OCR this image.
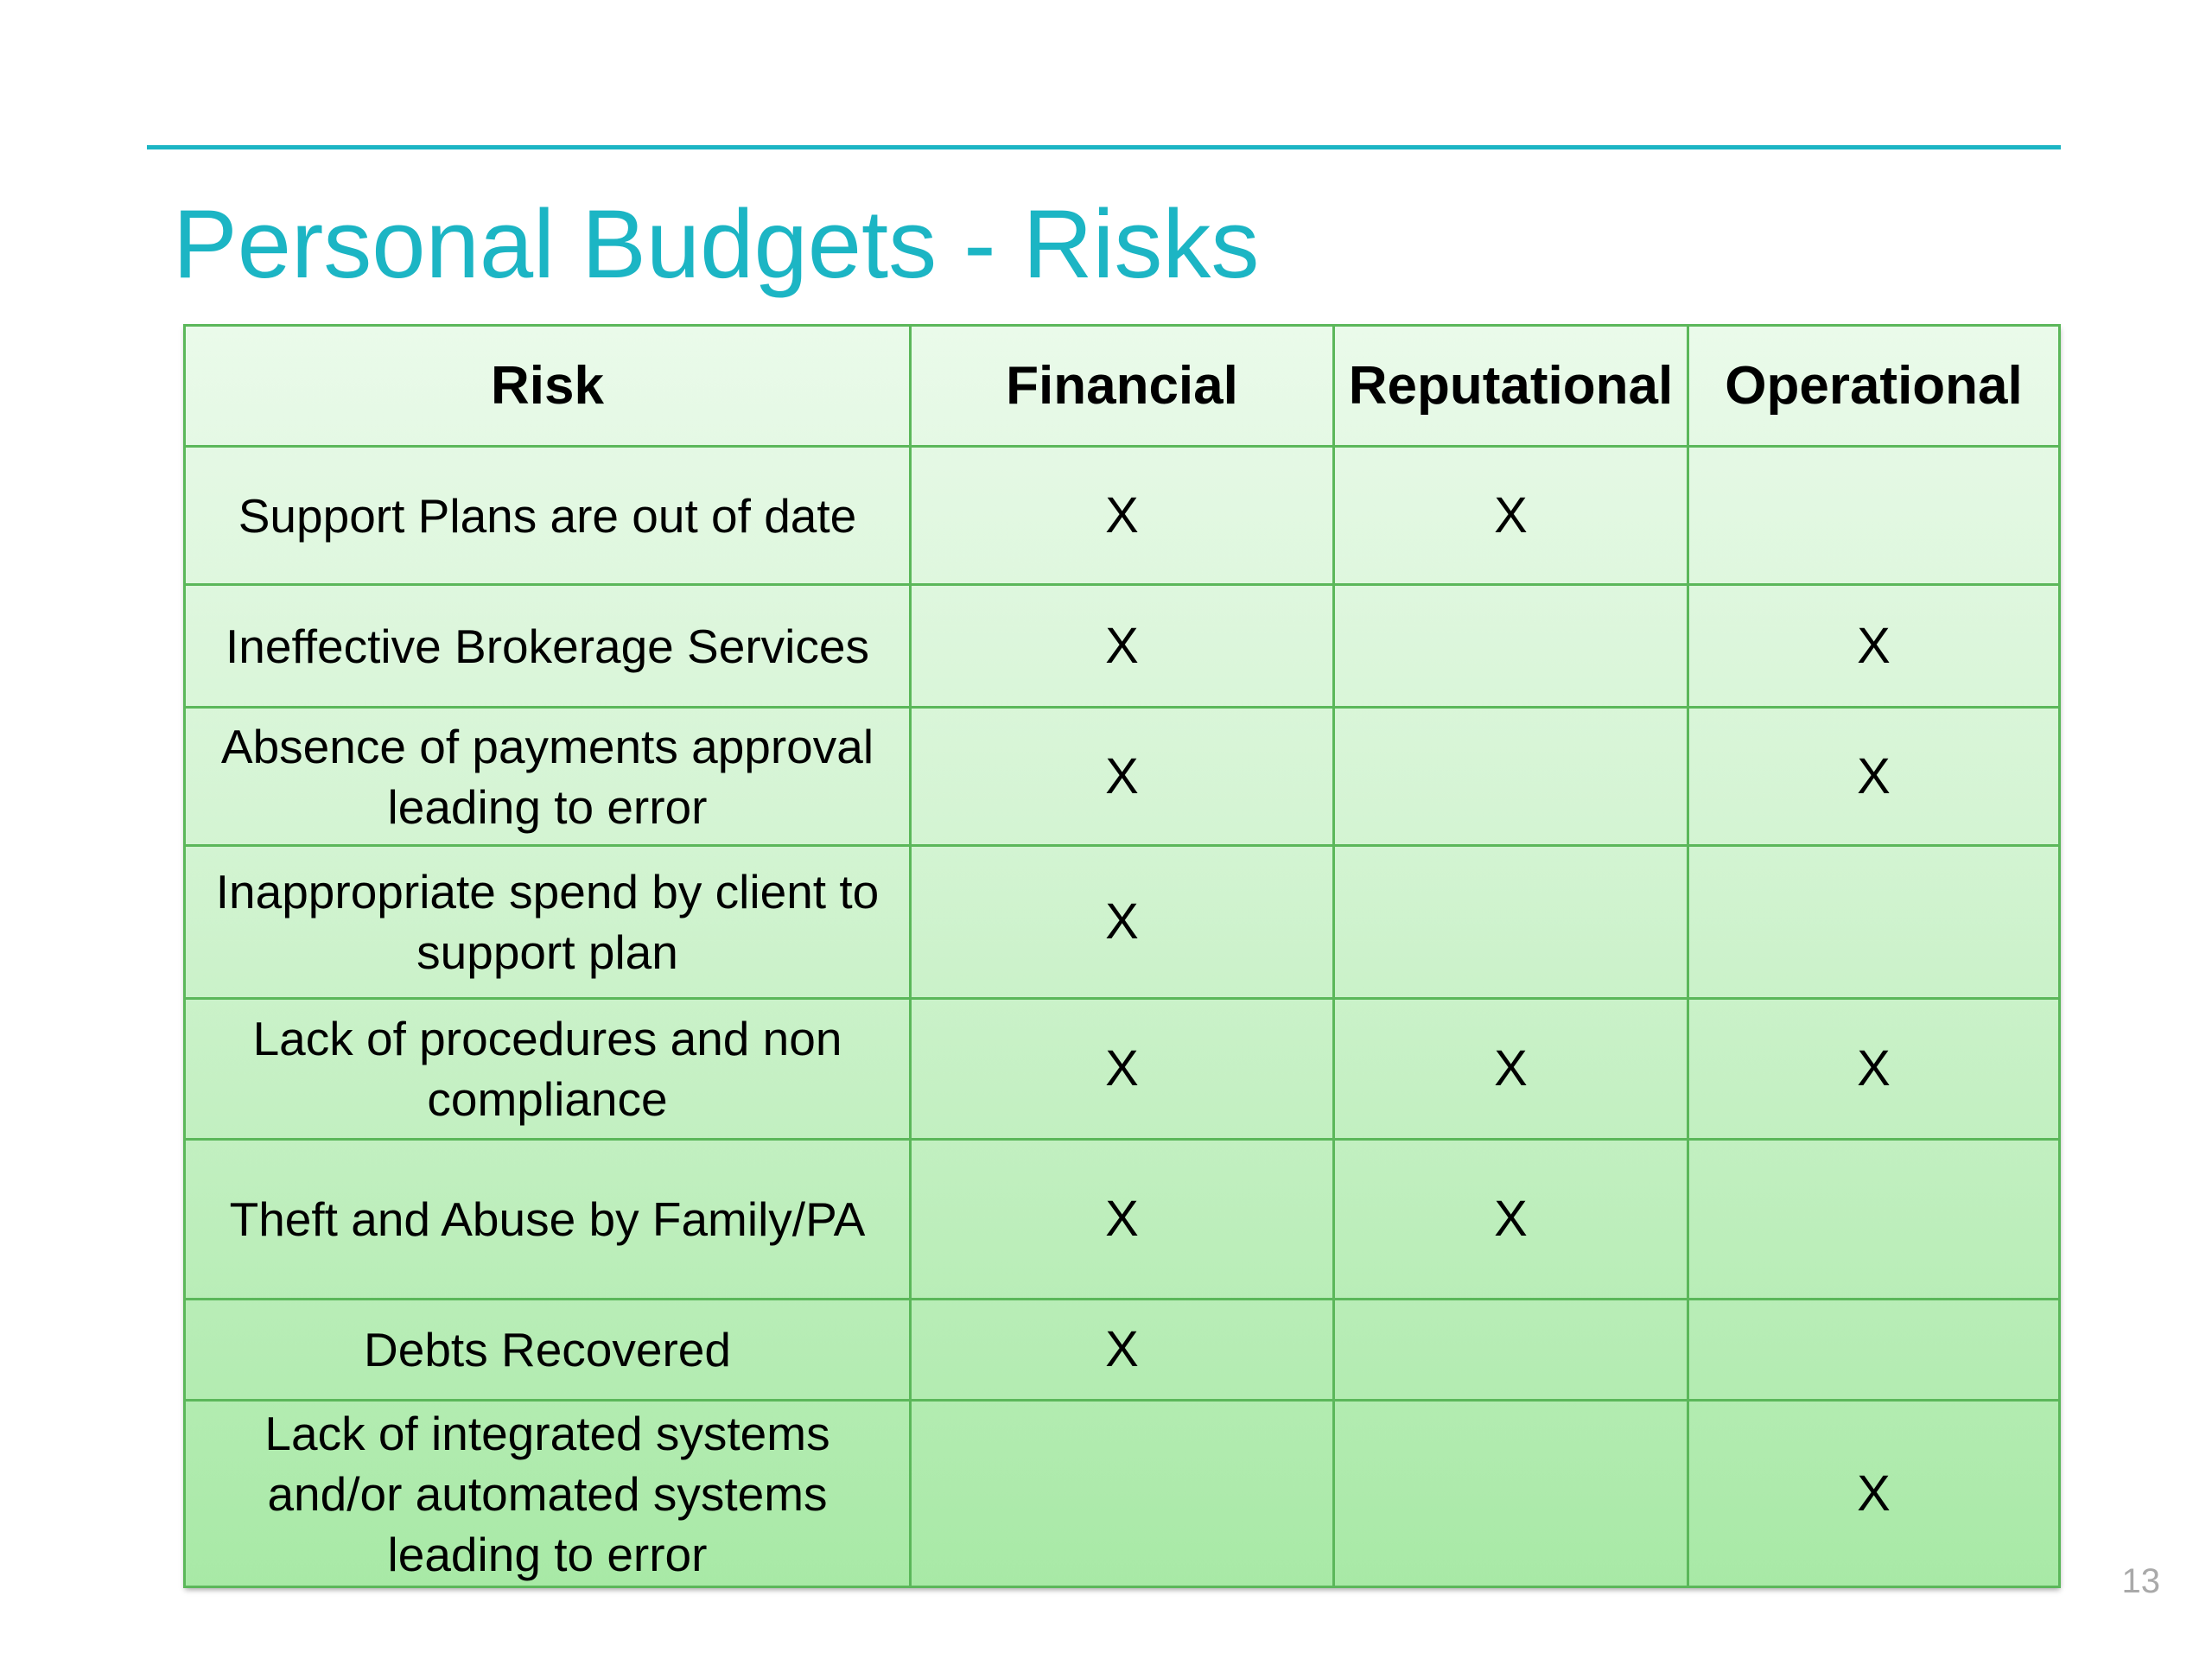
Personal Budgets - Risks
Risk	Financial	Reputational	Operational
Support Plans are out of date	X	X	
Ineffective Brokerage Services	X		X
Absence of payments approval leading to error	X		X
Inappropriate spend by client to support plan	X		
Lack of procedures and non compliance	X	X	X
Theft and Abuse by Family/PA	X	X	
Debts Recovered	X		
Lack of integrated systems and/or automated systems leading to error			X
13
